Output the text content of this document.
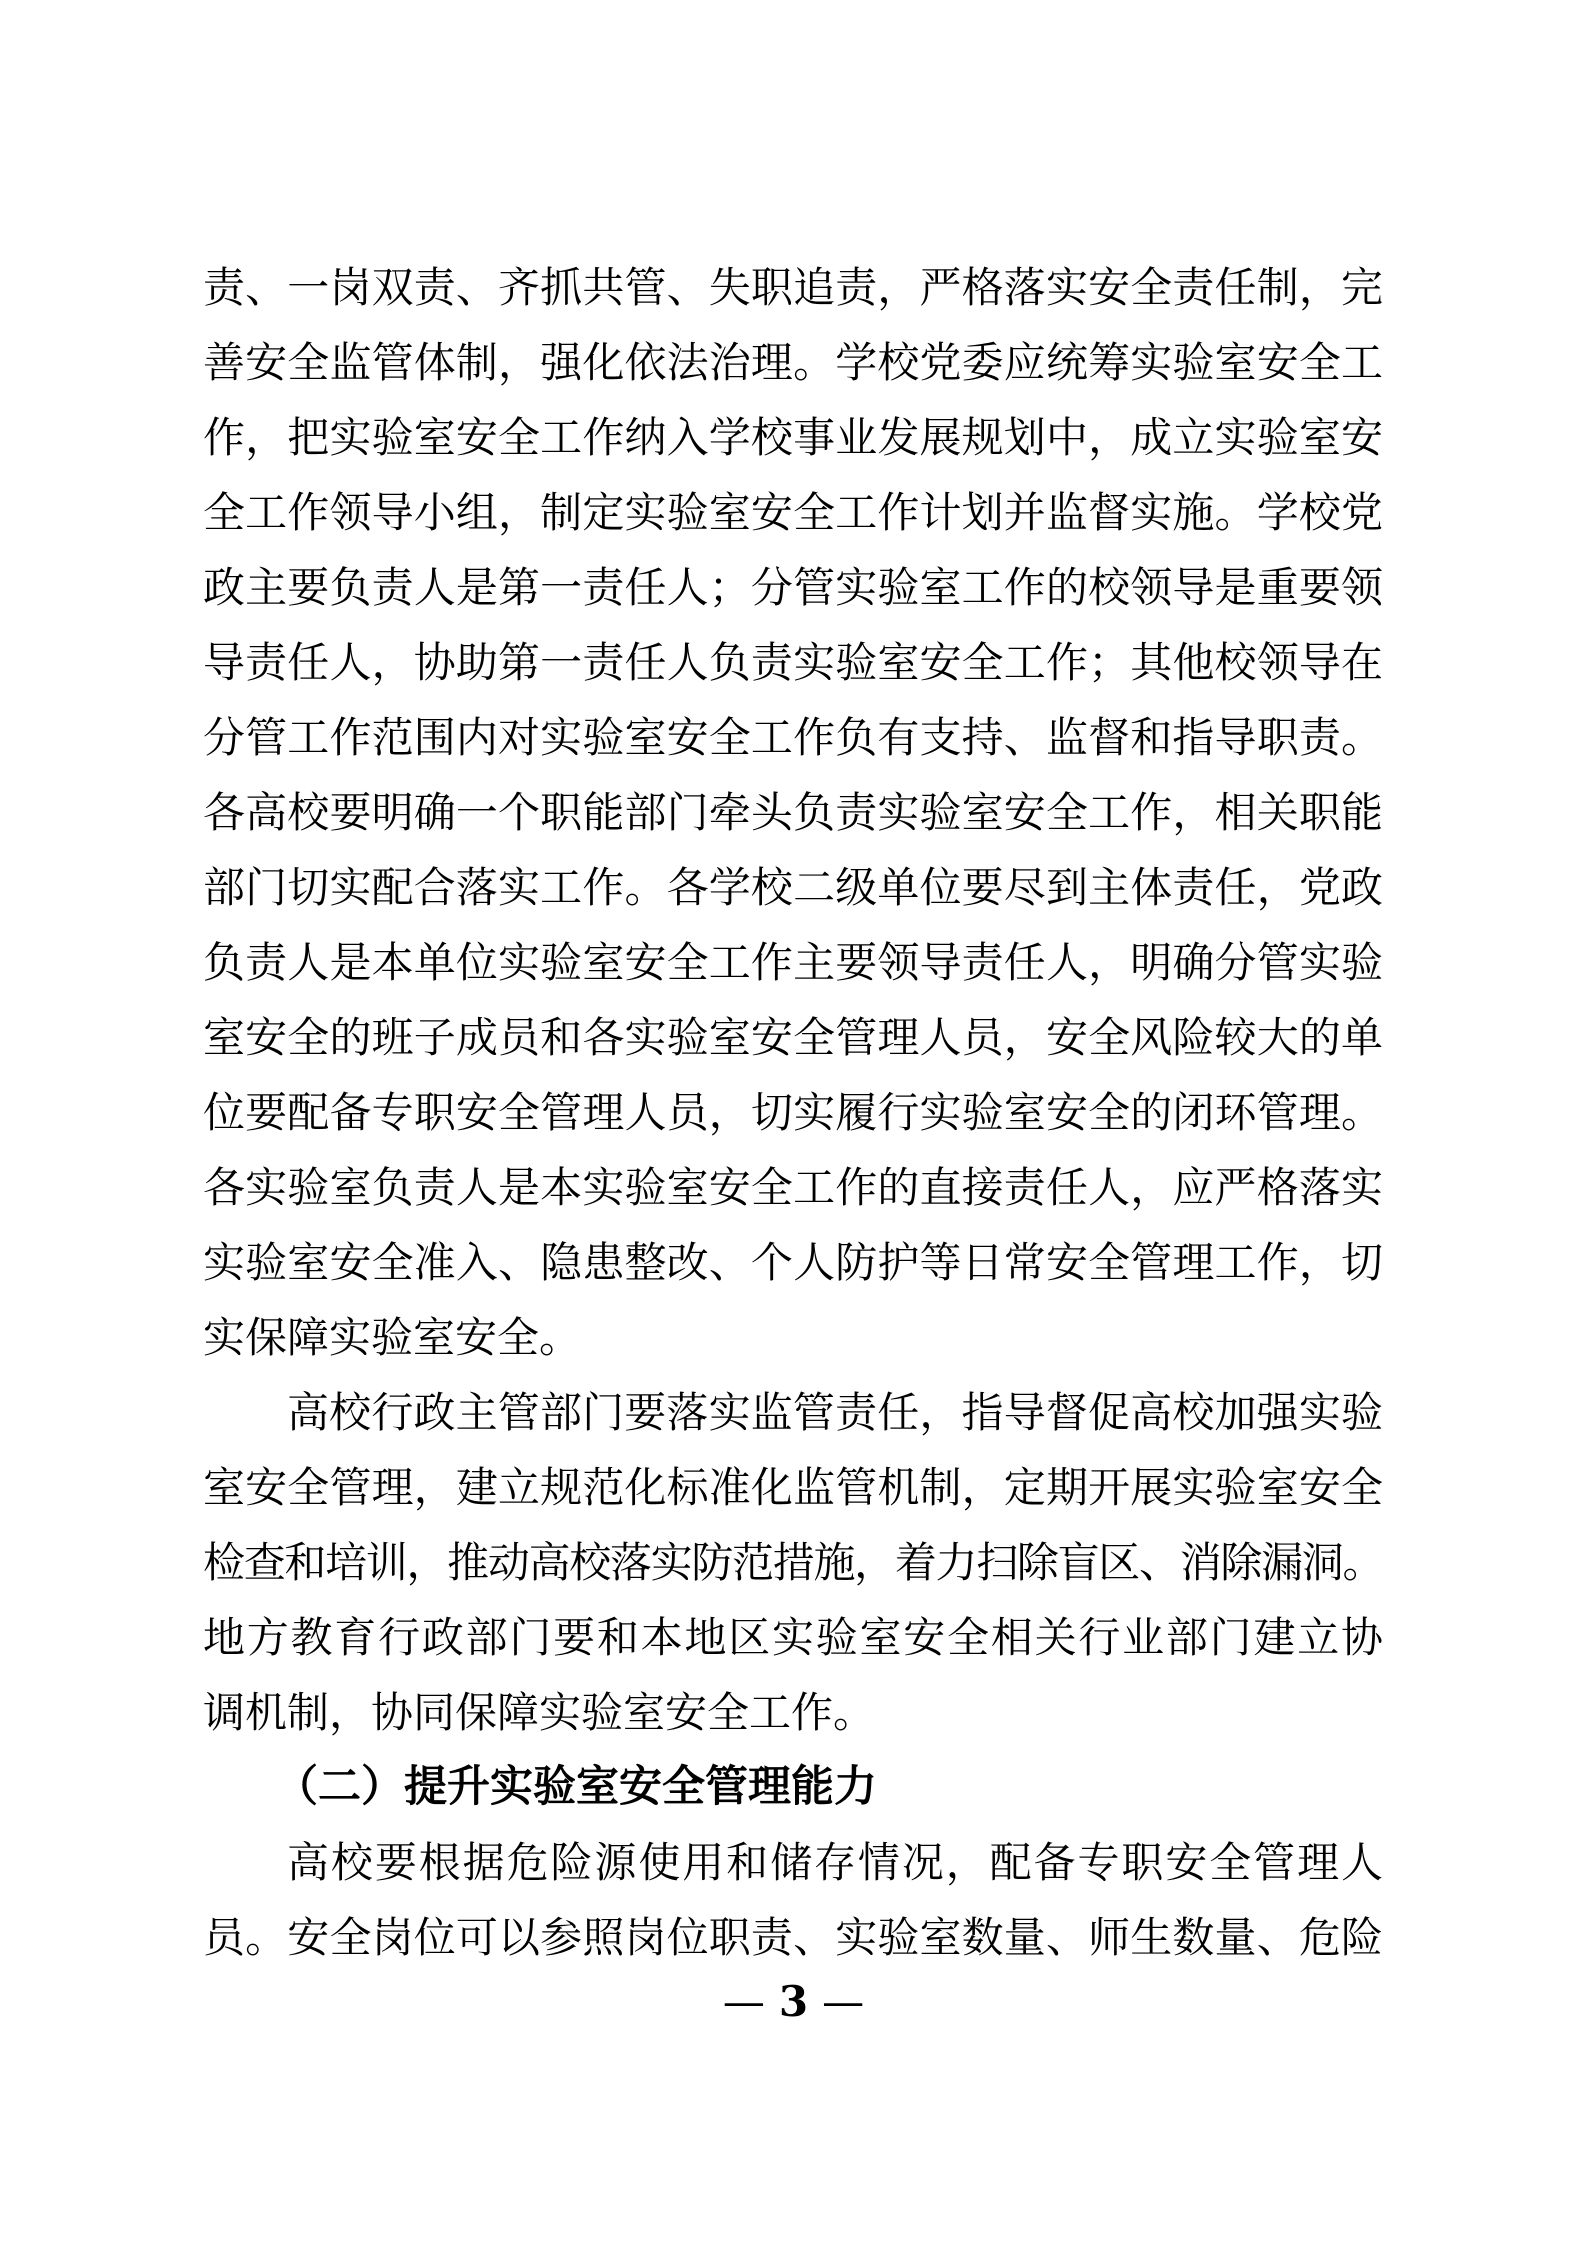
责、一岗双责、齐抓共管、失职追责，严格落实安全责任制，完
善安全监管体制，强化依法治理。学校党委应统筹实验室安全工
作，把实验室安全工作纳入学校事业发展规划中，成立实验室安
全工作领导小组，制定实验室安全工作计划并监督实施。学校党
政主要负责人是第一责任人；分管实验室工作的校领导是重要领
导责任人，协助第一责任人负责实验室安全工作；其他校领导在
分管工作范围内对实验室安全工作负有支持、监督和指导职责。
各高校要明确一个职能部门牵头负责实验室安全工作，相关职能
部门切实配合落实工作。各学校二级单位要尽到主体责任，党政
负责人是本单位实验室安全工作主要领导责任人，明确分管实验
室安全的班子成员和各实验室安全管理人员，安全风险较大的单
位要配备专职安全管理人员，切实履行实验室安全的闭环管理。
各实验室负责人是本实验室安全工作的直接责任人，应严格落实
实验室安全准入、隐患整改、个人防护等日常安全管理工作，切
实保障实验室安全。
高校行政主管部门要落实监管责任，指导督促高校加强实验
室安全管理，建立规范化标准化监管机制，定期开展实验室安全
检查和培训，推动高校落实防范措施，着力扫除盲区、消除漏洞。
地方教育行政部门要和本地区实验室安全相关行业部门建立协
调机制，协同保障实验室安全工作。
（二）提升实验室安全管理能力
高校要根据危险源使用和储存情况，配备专职安全管理人
员。安全岗位可以参照岗位职责、实验室数量、师生数量、危险
— 3 —
